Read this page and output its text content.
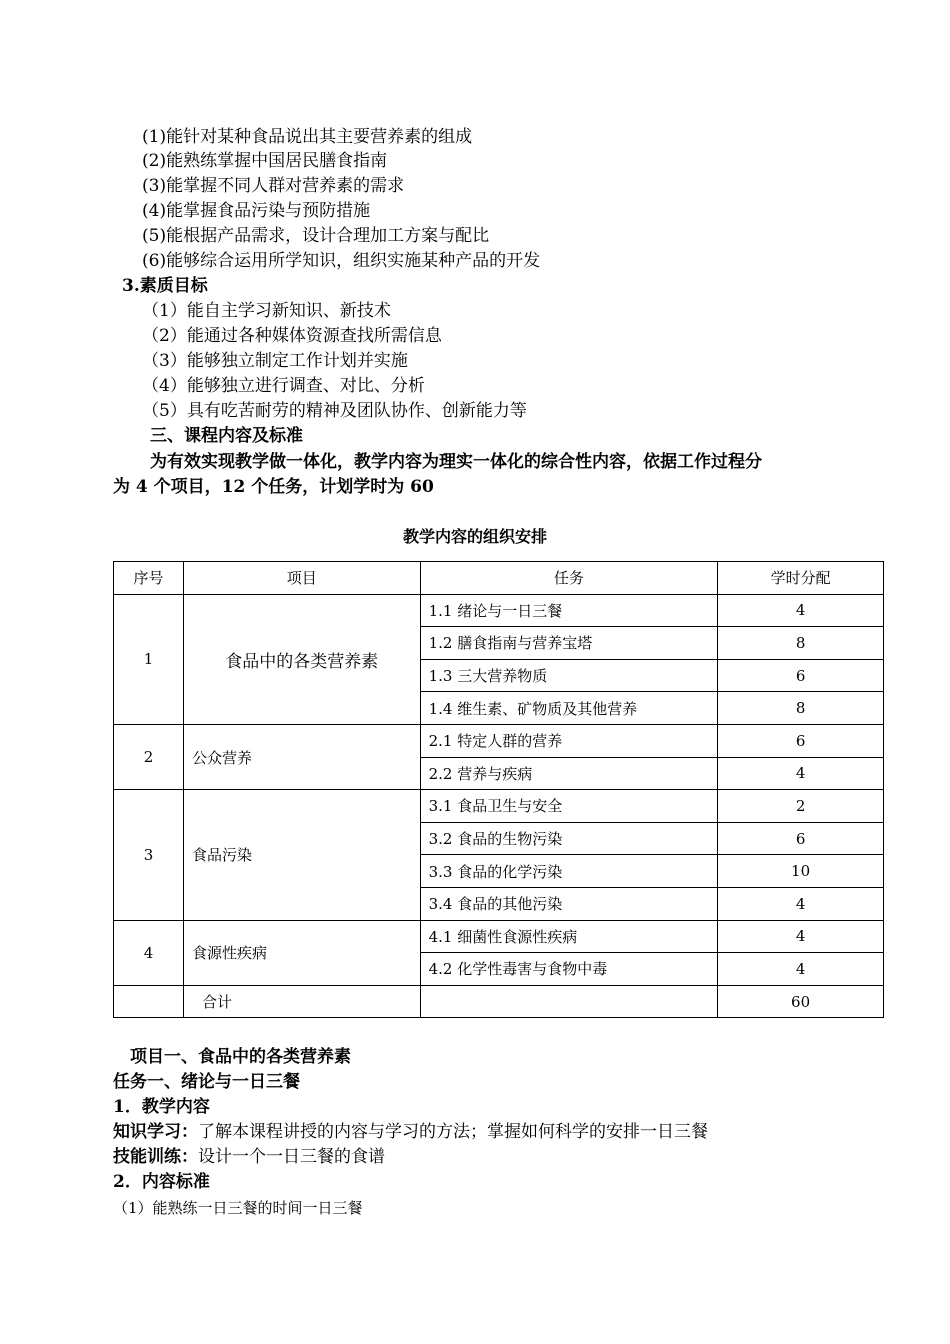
(1)能针对某种食品说出其主要营养素的组成
(2)能熟练掌握中国居民膳食指南
(3)能掌握不同人群对营养素的需求
(4)能掌握食品污染与预防措施
(5)能根据产品需求，设计合理加工方案与配比
(6)能够综合运用所学知识，组织实施某种产品的开发
3.素质目标
（1）能自主学习新知识、新技术
（2）能通过各种媒体资源查找所需信息
（3）能够独立制定工作计划并实施
（4）能够独立进行调查、对比、分析
（5）具有吃苦耐劳的精神及团队协作、创新能力等
三、课程内容及标准
为有效实现教学做一体化，教学内容为理实一体化的综合性内容，依据工作过程分
为 4 个项目，12 个任务，计划学时为 60
教学内容的组织安排
序号	项目	任务	学时分配
1	食品中的各类营养素	1.1 绪论与一日三餐	4
		1.2 膳食指南与营养宝塔	8
		1.3 三大营养物质	6
		1.4 维生素、矿物质及其他营养	8
2	公众营养	2.1 特定人群的营养	6
		2.2 营养与疾病	4
3	食品污染	3.1 食品卫生与安全	2
		3.2 食品的生物污染	6
		3.3 食品的化学污染	10
		3.4 食品的其他污染	4
4	食源性疾病	4.1 细菌性食源性疾病	4
		4.2 化学性毒害与食物中毒	4
	合计		60
项目一、食品中的各类营养素
任务一、绪论与一日三餐
1．教学内容
知识学习：了解本课程讲授的内容与学习的方法；掌握如何科学的安排一日三餐
技能训练：设计一个一日三餐的食谱
2．内容标准
（1）能熟练一日三餐的时间一日三餐
